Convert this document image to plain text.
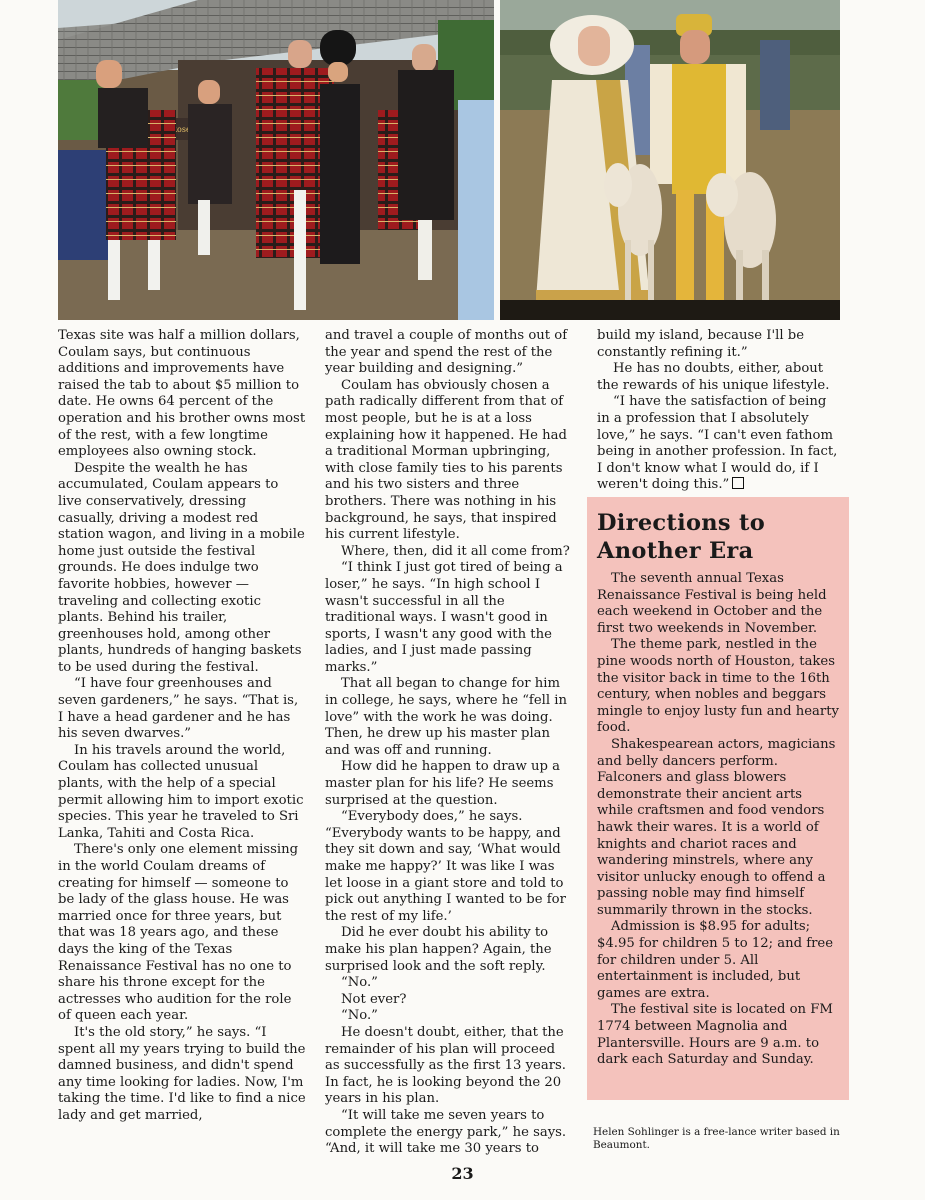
Rose

Texas site was half a million dollars, Coulam says, but continuous additions and improvements have raised the tab to about $5 million to date. He owns 64 percent of the operation and his brother owns most of the rest, with a few longtime employees also owning stock.

Despite the wealth he has accumulated, Coulam appears to live conservatively, dressing casually, driving a modest red station wagon, and living in a mobile home just outside the festival grounds. He does indulge two favorite hobbies, however — traveling and collecting exotic plants. Behind his trailer, greenhouses hold, among other plants, hundreds of hanging baskets to be used during the festival.

“I have four greenhouses and seven gardeners,” he says. “That is, I have a head gardener and he has his seven dwarves.”

In his travels around the world, Coulam has collected unusual plants, with the help of a special permit allowing him to import exotic species. This year he traveled to Sri Lanka, Tahiti and Costa Rica.

There's only one element missing in the world Coulam dreams of creating for himself — someone to be lady of the glass house. He was married once for three years, but that was 18 years ago, and these days the king of the Texas Renaissance Festival has no one to share his throne except for the actresses who audition for the role of queen each year.

It's the old story,” he says. “I spent all my years trying to build the damned business, and didn't spend any time looking for ladies. Now, I'm taking the time. I'd like to find a nice lady and get married,

and travel a couple of months out of the year and spend the rest of the year building and designing.”

Coulam has obviously chosen a path radically different from that of most people, but he is at a loss explaining how it happened. He had a traditional Morman upbringing, with close family ties to his parents and his two sisters and three brothers. There was nothing in his background, he says, that inspired his current lifestyle.

Where, then, did it all come from?

“I think I just got tired of being a loser,” he says. “In high school I wasn't successful in all the traditional ways. I wasn't good in sports, I wasn't any good with the ladies, and I just made passing marks.”

That all began to change for him in college, he says, where he “fell in love” with the work he was doing. Then, he drew up his master plan and was off and running.

How did he happen to draw up a master plan for his life? He seems surprised at the question.

“Everybody does,” he says. “Everybody wants to be happy, and they sit down and say, ‘What would make me happy?’ It was like I was let loose in a giant store and told to pick out anything I wanted to be for the rest of my life.’

Did he ever doubt his ability to make his plan happen? Again, the surprised look and the soft reply.

“No.”

Not ever?

“No.”

He doesn't doubt, either, that the remainder of his plan will proceed as successfully as the first 13 years. In fact, he is looking beyond the 20 years in his plan.

“It will take me seven years to complete the energy park,” he says. “And, it will take me 30 years to

build my island, because I'll be constantly refining it.”

He has no doubts, either, about the rewards of his unique lifestyle.

“I have the satisfaction of being in a profession that I absolutely love,” he says. “I can't even fathom being in another profession. In fact, I don't know what I would do, if I weren't doing this.”

Directions to Another Era

The seventh annual Texas Renaissance Festival is being held each weekend in October and the first two weekends in November.

The theme park, nestled in the pine woods north of Houston, takes the visitor back in time to the 16th century, when nobles and beggars mingle to enjoy lusty fun and hearty food.

Shakespearean actors, magicians and belly dancers perform. Falconers and glass blowers demonstrate their ancient arts while craftsmen and food vendors hawk their wares. It is a world of knights and chariot races and wandering minstrels, where any visitor unlucky enough to offend a passing noble may find himself summarily thrown in the stocks.

Admission is $8.95 for adults; $4.95 for children 5 to 12; and free for children under 5. All entertainment is included, but games are extra.

The festival site is located on FM 1774 between Magnolia and Plantersville. Hours are 9 a.m. to dark each Saturday and Sunday.

Helen Sohlinger is a free-lance writer based in Beaumont.
23
